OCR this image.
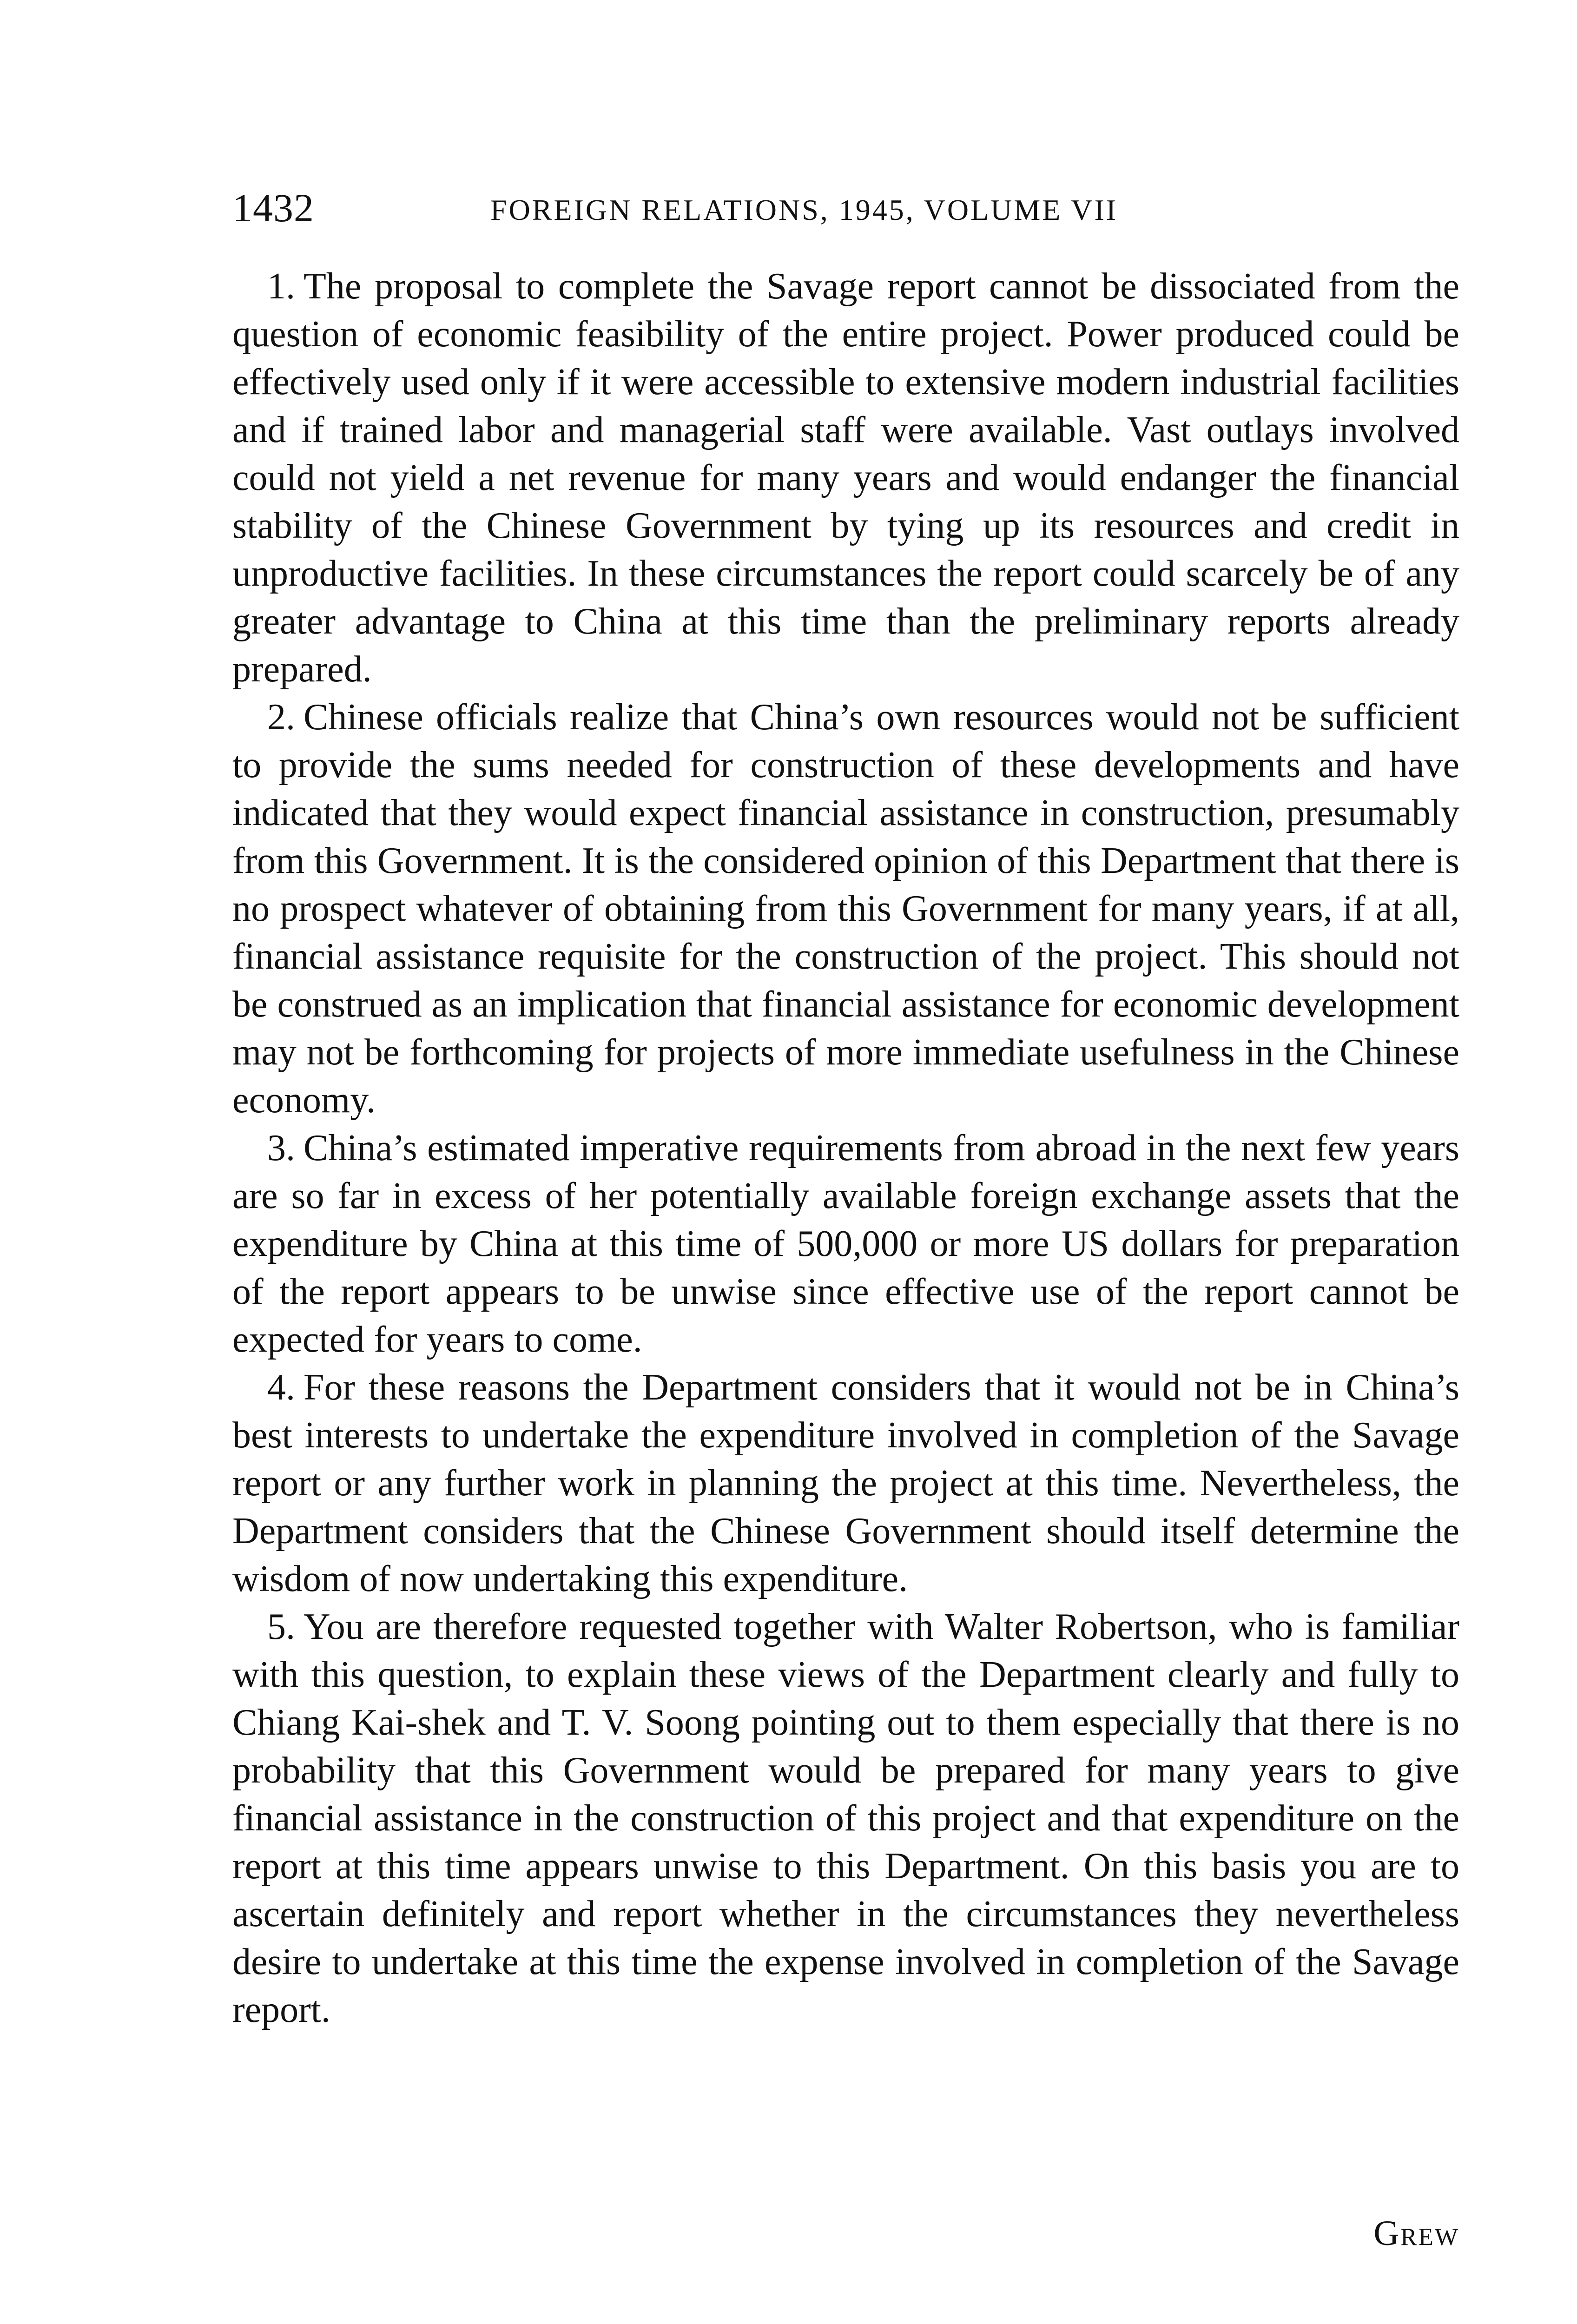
1432	FOREIGN RELATIONS, 1945, VOLUME VII

1. The proposal to complete the Savage report cannot be dissociated from the question of economic feasibility of the entire project. Power produced could be effectively used only if it were accessible to extensive modern industrial facilities and if trained labor and managerial staff were available. Vast outlays involved could not yield a net revenue for many years and would endanger the financial stability of the Chinese Government by tying up its resources and credit in unproductive facilities. In these circumstances the report could scarcely be of any greater advantage to China at this time than the preliminary reports already prepared.

2. Chinese officials realize that China’s own resources would not be sufficient to provide the sums needed for construction of these developments and have indicated that they would expect financial assistance in construction, presumably from this Government. It is the considered opinion of this Department that there is no prospect whatever of obtaining from this Government for many years, if at all, financial assistance requisite for the construction of the project. This should not be construed as an implication that financial assistance for economic development may not be forthcoming for projects of more immediate usefulness in the Chinese economy.

3. China’s estimated imperative requirements from abroad in the next few years are so far in excess of her potentially available foreign exchange assets that the expenditure by China at this time of 500,000 or more US dollars for preparation of the report appears to be unwise since effective use of the report cannot be expected for years to come.

4. For these reasons the Department considers that it would not be in China’s best interests to undertake the expenditure involved in completion of the Savage report or any further work in planning the project at this time. Nevertheless, the Department considers that the Chinese Government should itself determine the wisdom of now undertaking this expenditure.

5. You are therefore requested together with Walter Robertson, who is familiar with this question, to explain these views of the Department clearly and fully to Chiang Kai-shek and T. V. Soong pointing out to them especially that there is no probability that this Government would be prepared for many years to give financial assistance in the construction of this project and that expenditure on the report at this time appears unwise to this Department. On this basis you are to ascertain definitely and report whether in the circumstances they nevertheless desire to undertake at this time the expense involved in completion of the Savage report.

Grew
